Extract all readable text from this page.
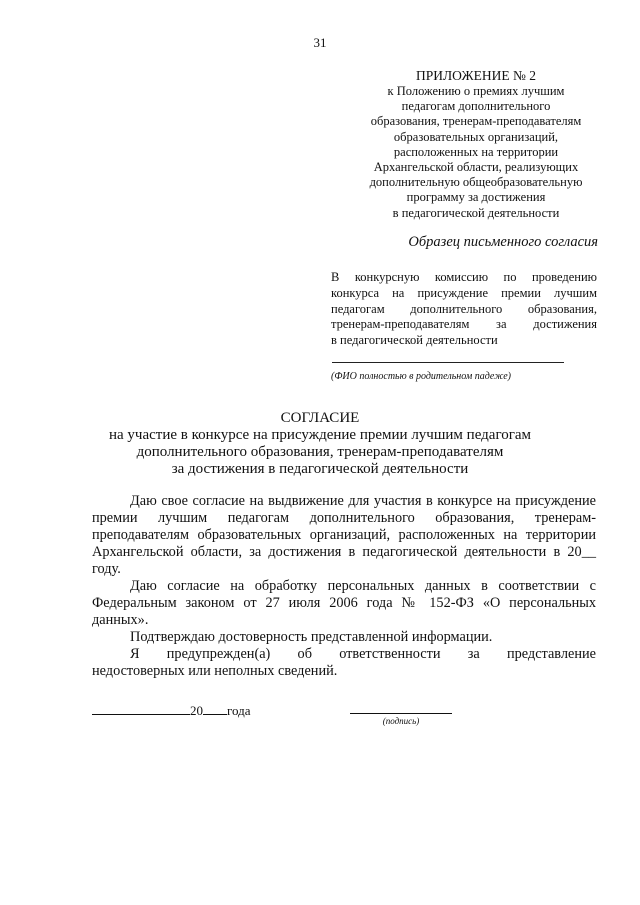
31
ПРИЛОЖЕНИЕ № 2
к Положению о премиях лучшим
педагогам дополнительного
образования, тренерам-преподавателям
образовательных организаций,
расположенных на территории
Архангельской области, реализующих
дополнительную общеобразовательную
программу за достижения
в педагогической деятельности
Образец письменного согласия
В конкурсную комиссию по проведению
конкурса на присуждение премии лучшим
педагогам дополнительного образования,
тренерам-преподавателям за достижения
в педагогической деятельности
(ФИО полностью в родительном падеже)
СОГЛАСИЕ
на участие в конкурсе на присуждение премии лучшим педагогам
дополнительного образования, тренерам-преподавателям
за достижения в педагогической деятельности
Даю свое согласие на выдвижение для участия в конкурсе на присуждение премии лучшим педагогам дополнительного образования, тренерам-преподавателям образовательных организаций, расположенных на территории Архангельской области, за достижения в педагогической деятельности в 20__ году.
Даю согласие на обработку персональных данных в соответствии с Федеральным законом от 27 июля 2006 года № 152-ФЗ «О персональных данных».
Подтверждаю достоверность представленной информации.
Я предупрежден(а) об ответственности за представление
недостоверных или неполных сведений.
20 года
(подпись)
